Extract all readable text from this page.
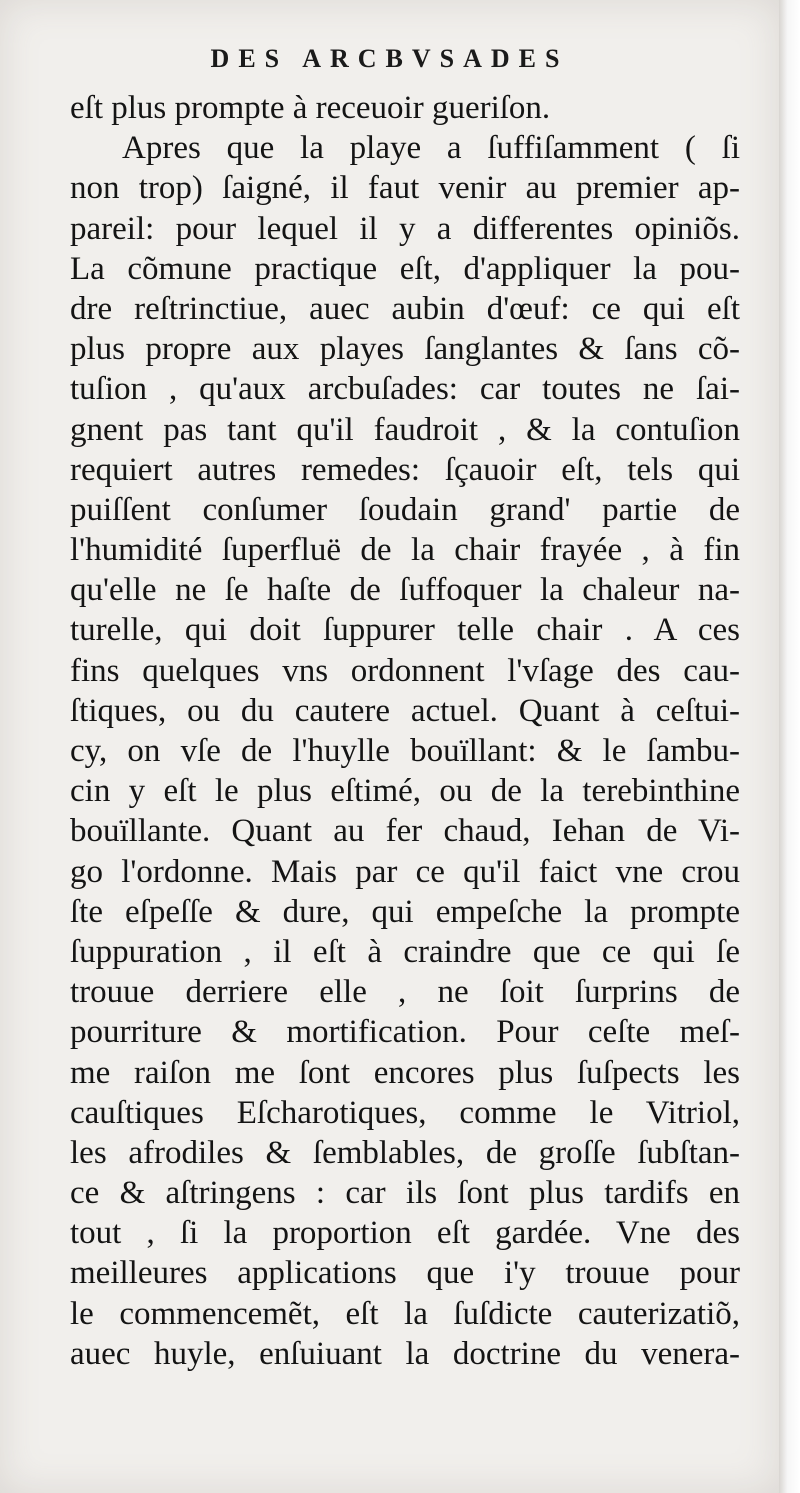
DES ARCBVSADES
eſt plus prompte à receuoir gueriſon.
Apres que la playe a ſuffiſamment ( ſi
non trop) ſaigné, il faut venir au premier ap-
pareil: pour lequel il y a differentes opiniõs.
La cõmune practique eſt, d'appliquer la pou-
dre reſtrinctiue, auec aubin d'œuf: ce qui eſt
plus propre aux playes ſanglantes & ſans cõ-
tuſion , qu'aux arcbuſades: car toutes ne ſai-
gnent pas tant qu'il faudroit , & la contuſion
requiert autres remedes: ſçauoir eſt, tels qui
puiſſent conſumer ſoudain grand' partie de
l'humidité ſuperfluë de la chair frayée , à fin
qu'elle ne ſe haſte de ſuffoquer la chaleur na-
turelle, qui doit ſuppurer telle chair . A ces
fins quelques vns ordonnent l'vſage des cau-
ſtiques, ou du cautere actuel. Quant à ceſtui-
cy, on vſe de l'huylle bouïllant: & le ſambu-
cin y eſt le plus eſtimé, ou de la terebinthine
bouïllante. Quant au fer chaud, Iehan de Vi-
go l'ordonne. Mais par ce qu'il faict vne crou
ſte eſpeſſe & dure, qui empeſche la prompte
ſuppuration , il eſt à craindre que ce qui ſe
trouue derriere elle , ne ſoit ſurprins de
pourriture & mortification. Pour ceſte meſ-
me raiſon me ſont encores plus ſuſpects les
cauſtiques Eſcharotiques, comme le Vitriol,
les afrodiles & ſemblables, de groſſe ſubſtan-
ce & aſtringens : car ils ſont plus tardifs en
tout , ſi la proportion eſt gardée. Vne des
meilleures applications que i'y trouue pour
le commencemẽt, eſt la ſuſdicte cauterizatiõ,
auec huyle, enſuiuant la doctrine du venera-
